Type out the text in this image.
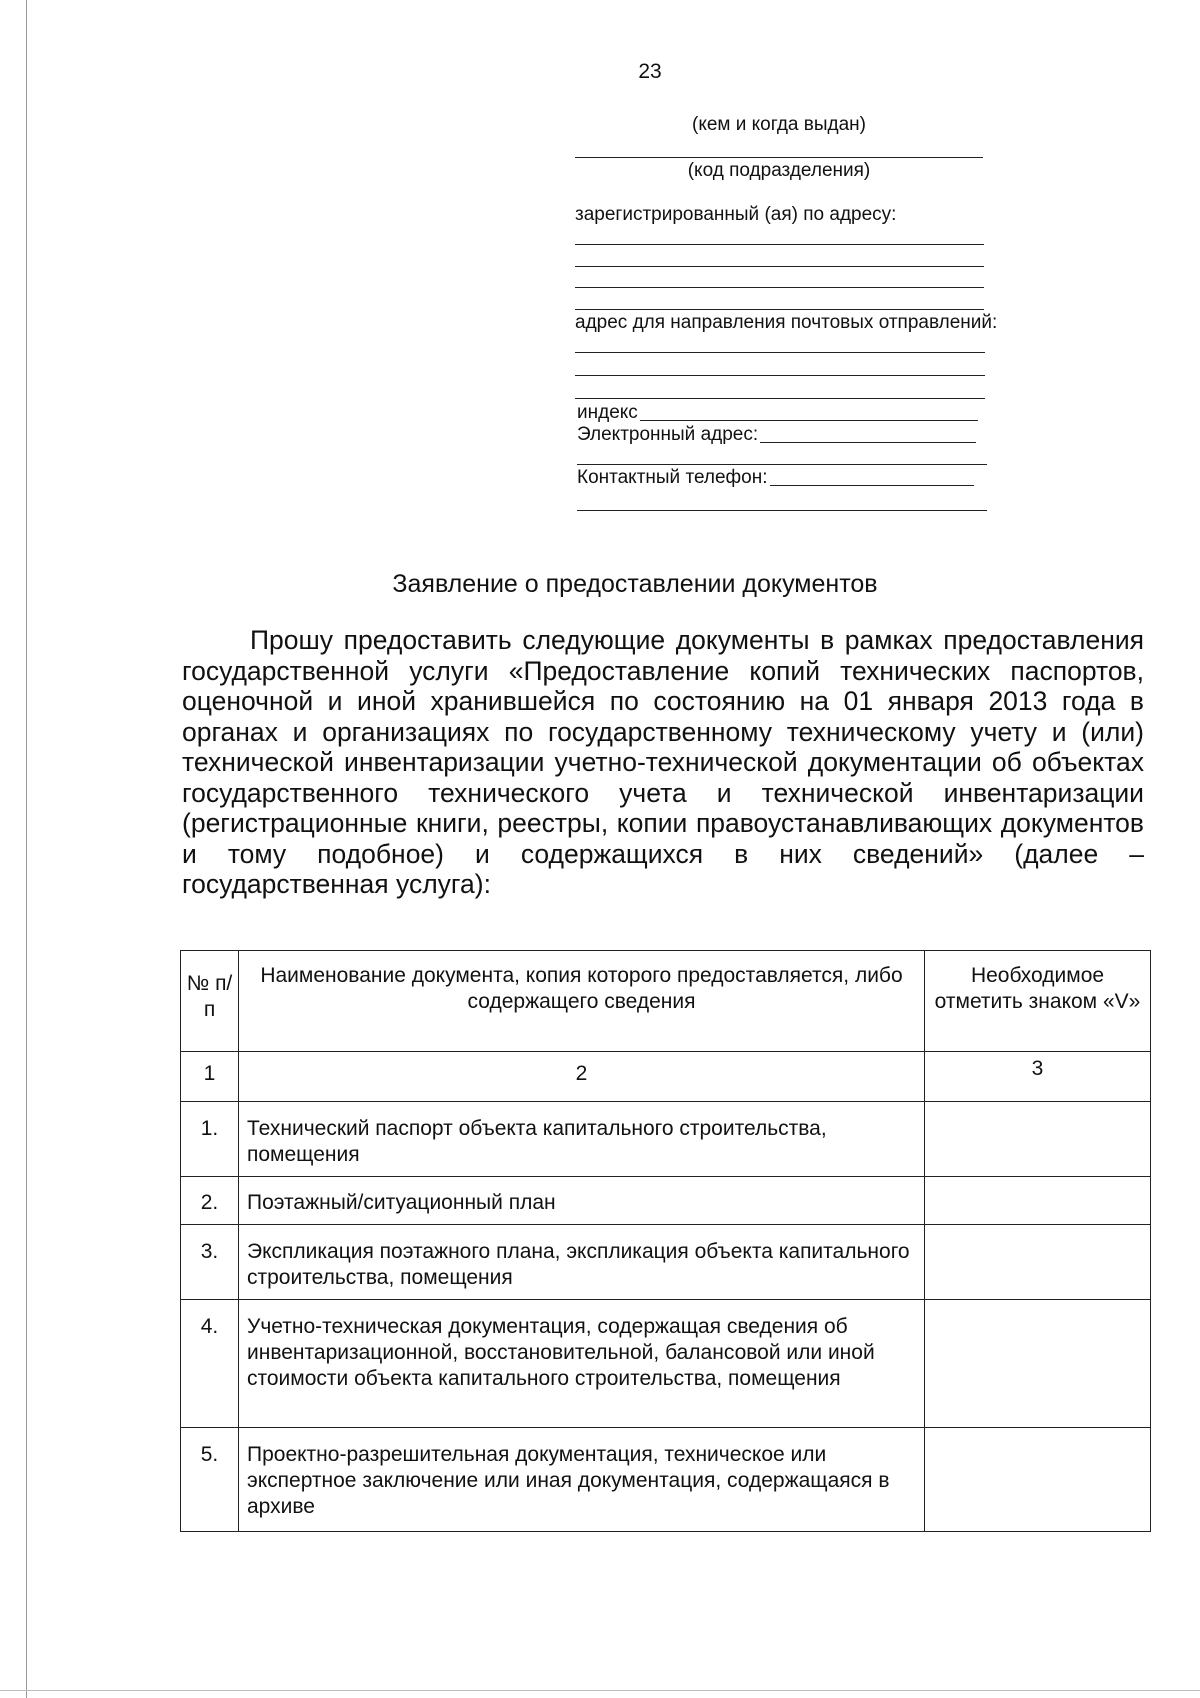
23
(кем и когда выдан)
(код подразделения)
зарегистрированный (ая) по адресу:
адрес для направления почтовых отправлений:
индекс
Электронный адрес:
Контактный телефон:
Заявление о предоставлении документов
Прошу предоставить следующие документы в рамках предоставления государственной услуги «Предоставление копий технических паспортов, оценочной и иной хранившейся по состоянию на 01 января 2013 года в органах и организациях по государственному техническому учету и (или) технической инвентаризации учетно-технической документации об объектах государственного технического учета и технической инвентаризации (регистрационные книги, реестры, копии правоустанавливающих документов и тому подобное) и содержащихся в них сведений» (далее – государственная услуга):
№ п/п	Наименование документа, копия которого предоставляется, либо содержащего сведения	Необходимое отметить знаком «V»
1	2	3
1.	Технический паспорт объекта капитального строительства, помещения	
2.	Поэтажный/ситуационный план	
3.	Экспликация поэтажного плана, экспликация объекта капитального строительства, помещения	
4.	Учетно-техническая документация, содержащая сведения об инвентаризационной, восстановительной, балансовой или иной стоимости объекта капитального строительства, помещения	
5.	Проектно-разрешительная документация, техническое или экспертное заключение или иная документация, содержащаяся в архиве	
